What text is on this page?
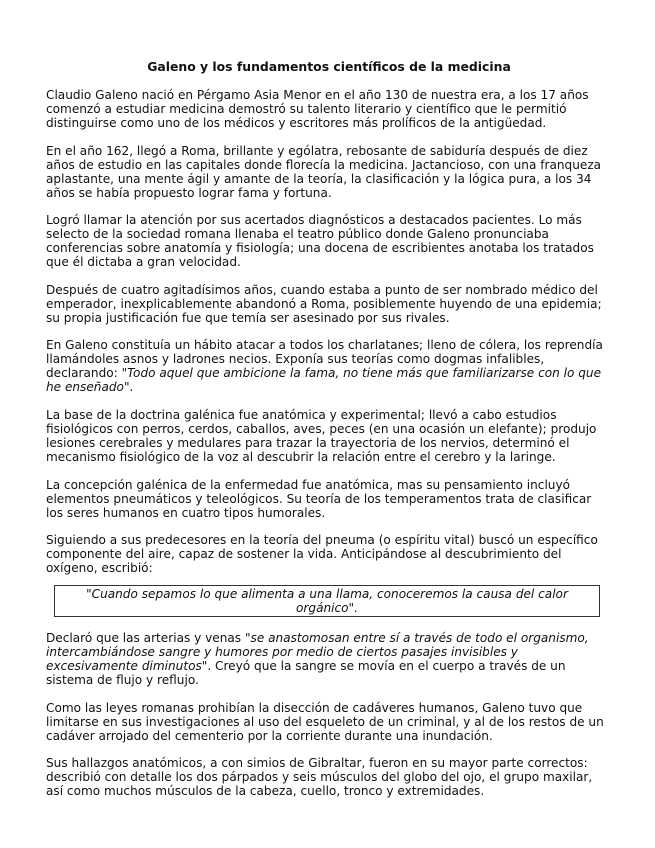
Galeno y los fundamentos científicos de la medicina

Claudio Galeno nació en Pérgamo Asia Menor en el año 130 de nuestra era, a los 17 años comenzó a estudiar medicina demostró su talento literario y científico que le permitió distinguirse como uno de los médicos y escritores más prolíficos de la antigüedad.

En el año 162, llegó a Roma, brillante y ególatra, rebosante de sabiduría después de diez años de estudio en las capitales donde florecía la medicina. Jactancioso, con una franqueza aplastante, una mente ágil y amante de la teoría, la clasificación y la lógica pura, a los 34 años se había propuesto lograr fama y fortuna.

Logró llamar la atención por sus acertados diagnósticos a destacados pacientes. Lo más selecto de la sociedad romana llenaba el teatro público donde Galeno pronunciaba conferencias sobre anatomía y fisiología; una docena de escribientes anotaba los tratados que él dictaba a gran velocidad.

Después de cuatro agitadísimos años, cuando estaba a punto de ser nombrado médico del emperador, inexplicablemente abandonó a Roma, posiblemente huyendo de una epidemia; su propia justificación fue que temía ser asesinado por sus rivales.

En Galeno constituía un hábito atacar a todos los charlatanes; lleno de cólera, los reprendía llamándoles asnos y ladrones necios. Exponía sus teorías como dogmas infalibles, declarando: "Todo aquel que ambicione la fama, no tiene más que familiarizarse con lo que he enseñado".

La base de la doctrina galénica fue anatómica y experimental; llevó a cabo estudios fisiológicos con perros, cerdos, caballos, aves, peces (en una ocasión un elefante); produjo lesiones cerebrales y medulares para trazar la trayectoria de los nervios, determinó el mecanismo fisiológico de la voz al descubrir la relación entre el cerebro y la laringe.

La concepción galénica de la enfermedad fue anatómica, mas su pensamiento incluyó elementos pneumáticos y teleológicos. Su teoría de los temperamentos trata de clasificar los seres humanos en cuatro tipos humorales.

Siguiendo a sus predecesores en la teoría del pneuma (o espíritu vital) buscó un específico componente del aire, capaz de sostener la vida. Anticipándose al descubrimiento del oxígeno, escribió:

"Cuando sepamos lo que alimenta a una llama, conoceremos la causa del calor orgánico".

Declaró que las arterias y venas "se anastomosan entre sí a través de todo el organismo, intercambiándose sangre y humores por medio de ciertos pasajes invisibles y excesivamente diminutos". Creyó que la sangre se movía en el cuerpo a través de un sistema de flujo y reflujo.

Como las leyes romanas prohibían la disección de cadáveres humanos, Galeno tuvo que limitarse en sus investigaciones al uso del esqueleto de un criminal, y al de los restos de un cadáver arrojado del cementerio por la corriente durante una inundación.

Sus hallazgos anatómicos, a con simios de Gibraltar, fueron en su mayor parte correctos: describió con detalle los dos párpados y seis músculos del globo del ojo, el grupo maxilar, así como muchos músculos de la cabeza, cuello, tronco y extremidades.
